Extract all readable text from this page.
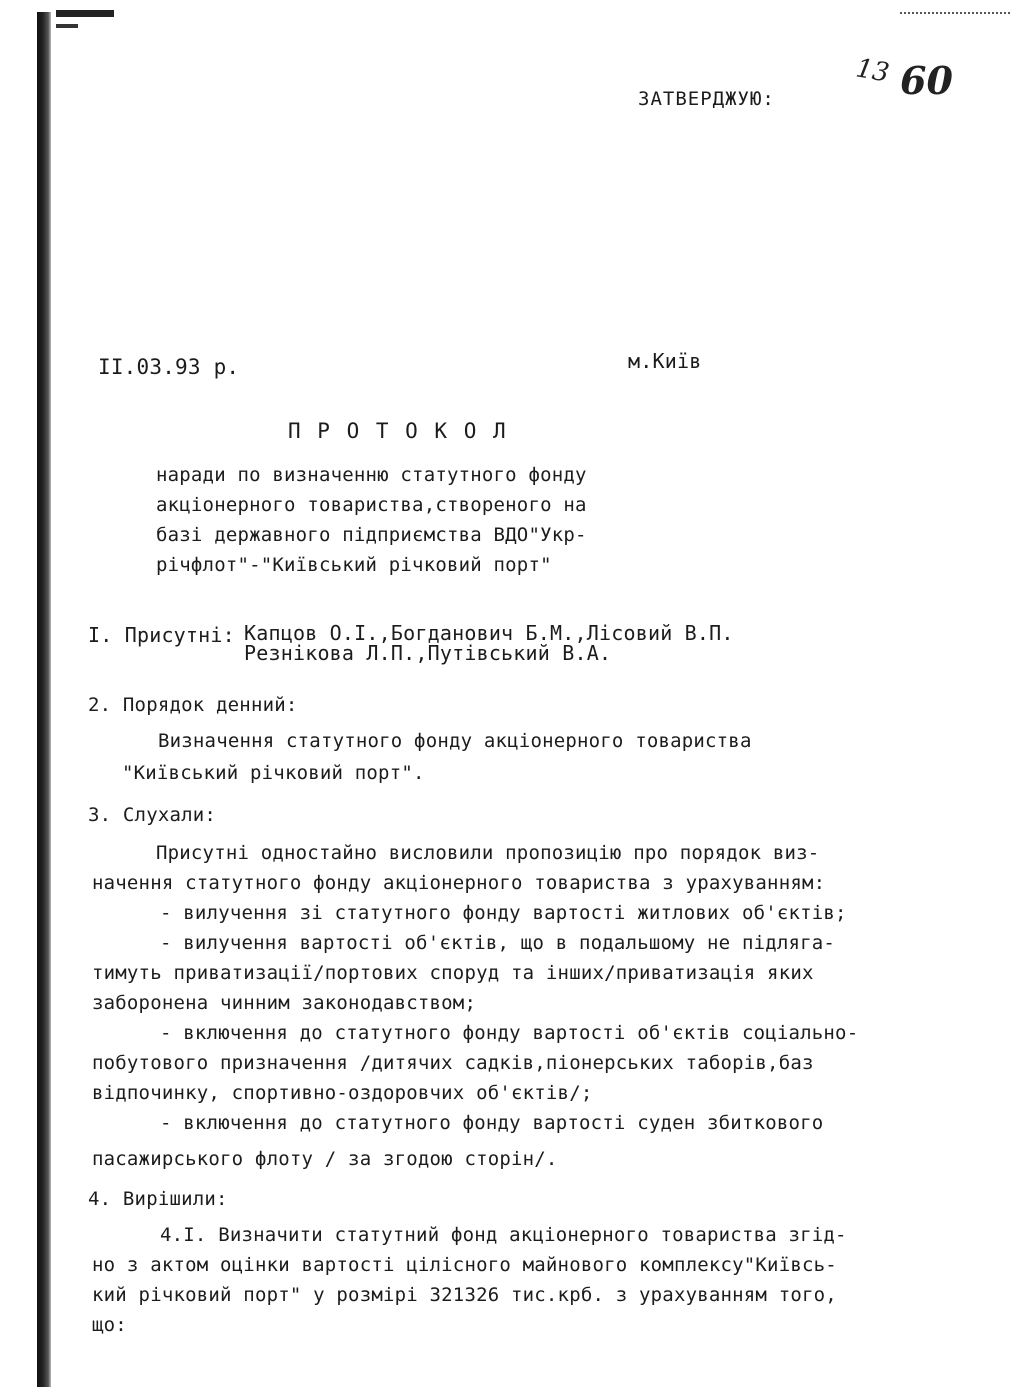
ЗАТВЕРДЖУЮ:
13 60
II.03.93 р.	м.Київ
П Р О Т О К О Л
наради по визначенню статутного фонду
акціонерного товариства,створеного на
базі державного підприємства ВДО"Укр-
річфлот"-"Київський річковий порт"
I. Присутні: Капцов О.І.,Богданович Б.М.,Лісовий В.П.
Резнікова Л.П.,Путівський В.А.
2. Порядок денний:
Визначення статутного фонду акціонерного товариства
"Київський річковий порт".
3. Слухали:
Присутні одностайно висловили пропозицію про порядок виз-
начення статутного фонду акціонерного товариства з урахуванням:
- вилучення зі статутного фонду вартості житлових об'єктів;
- вилучення вартості об'єктів, що в подальшому не підляга-
тимуть приватизації/портових споруд та інших/приватизація яких
заборонена чинним законодавством;
- включення до статутного фонду вартості об'єктів соціально-
побутового призначення /дитячих садків,піонерських таборів,баз
відпочинку, спортивно-оздоровчих об'єктів/;
- включення до статутного фонду вартості суден збиткового
пасажирського флоту / за згодою сторін/.
4. Вирішили:
4.І. Визначити статутний фонд акціонерного товариства згід-
но з актом оцінки вартості цілісного майнового комплексу"Київсь-
кий річковий порт" у розмірі 321326 тис.крб. з урахуванням того,
що:
